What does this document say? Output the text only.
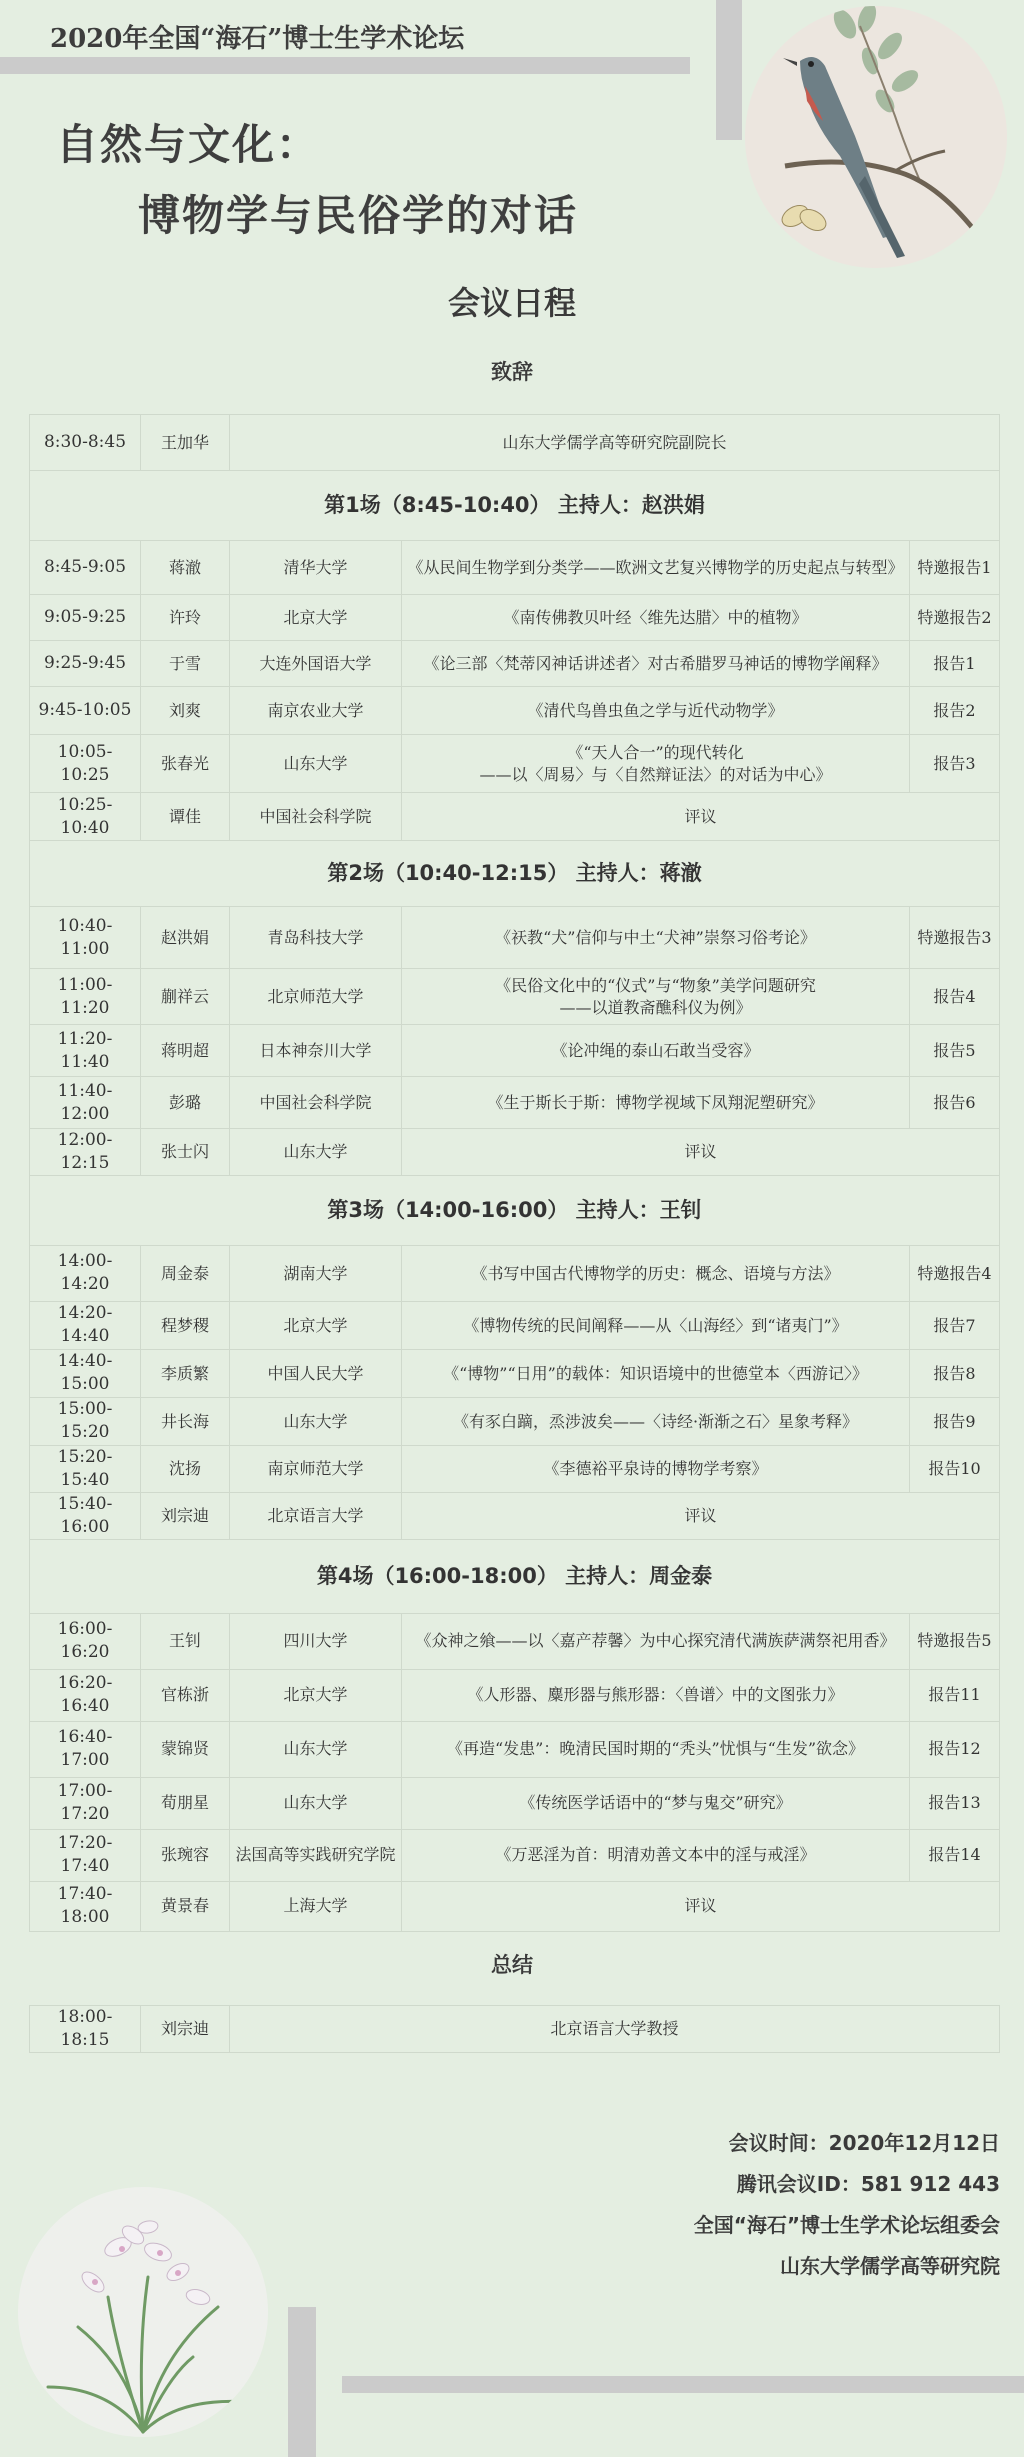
2020年全国“海石”博士生学术论坛
自然与文化：
博物学与民俗学的对话
会议日程
致辞
8:30-8:45	王加华	山东大学儒学高等研究院副院长		
第1场（8:45-10:40） 主持人：赵洪娟				
8:45-9:05	蒋澈	清华大学	《从民间生物学到分类学——欧洲文艺复兴博物学的历史起点与转型》	特邀报告1
9:05-9:25	许玲	北京大学	《南传佛教贝叶经〈维先达腊〉中的植物》	特邀报告2
9:25-9:45	于雪	大连外国语大学	《论三部〈梵蒂冈神话讲述者〉对古希腊罗马神话的博物学阐释》	报告1
9:45-10:05	刘爽	南京农业大学	《清代鸟兽虫鱼之学与近代动物学》	报告2
10:05-10:25	张春光	山东大学	《“天人合一”的现代转化
——以〈周易〉与〈自然辩证法〉的对话为中心》	报告3
10:25-10:40	谭佳	中国社会科学院	评议	
第2场（10:40-12:15） 主持人：蒋澈				
10:40-11:00	赵洪娟	青岛科技大学	《祆教“犬”信仰与中土“犬神”崇祭习俗考论》	特邀报告3
11:00-11:20	蒯祥云	北京师范大学	《民俗文化中的“仪式”与“物象”美学问题研究
——以道教斋醮科仪为例》	报告4
11:20-11:40	蒋明超	日本神奈川大学	《论冲绳的泰山石敢当受容》	报告5
11:40-12:00	彭璐	中国社会科学院	《生于斯长于斯：博物学视域下凤翔泥塑研究》	报告6
12:00-12:15	张士闪	山东大学	评议	
第3场（14:00-16:00） 主持人：王钊				
14:00-14:20	周金泰	湖南大学	《书写中国古代博物学的历史：概念、语境与方法》	特邀报告4
14:20-14:40	程梦稷	北京大学	《博物传统的民间阐释——从〈山海经〉到“诸夷门”》	报告7
14:40-15:00	李质繁	中国人民大学	《“博物”“日用”的载体：知识语境中的世德堂本〈西游记〉》	报告8
15:00-15:20	井长海	山东大学	《有豕白蹢，烝涉波矣——〈诗经·渐渐之石〉星象考释》	报告9
15:20-15:40	沈扬	南京师范大学	《李德裕平泉诗的博物学考察》	报告10
15:40-16:00	刘宗迪	北京语言大学	评议	
第4场（16:00-18:00） 主持人：周金泰				
16:00-16:20	王钊	四川大学	《众神之飨——以〈嘉产荐馨〉为中心探究清代满族萨满祭祀用香》	特邀报告5
16:20-16:40	官栋浙	北京大学	《人形器、麋形器与熊形器：〈兽谱〉中的文图张力》	报告11
16:40-17:00	蒙锦贤	山东大学	《再造“发患”：晚清民国时期的“秃头”忧惧与“生发”欲念》	报告12
17:00-17:20	荀朋星	山东大学	《传统医学话语中的“梦与鬼交”研究》	报告13
17:20-17:40	张琬容	法国高等实践研究学院	《万恶淫为首：明清劝善文本中的淫与戒淫》	报告14
17:40-18:00	黄景春	上海大学	评议	
总结
18:00-18:15	刘宗迪	北京语言大学教授
会议时间：2020年12月12日
腾讯会议ID：581 912 443
全国“海石”博士生学术论坛组委会
山东大学儒学高等研究院
